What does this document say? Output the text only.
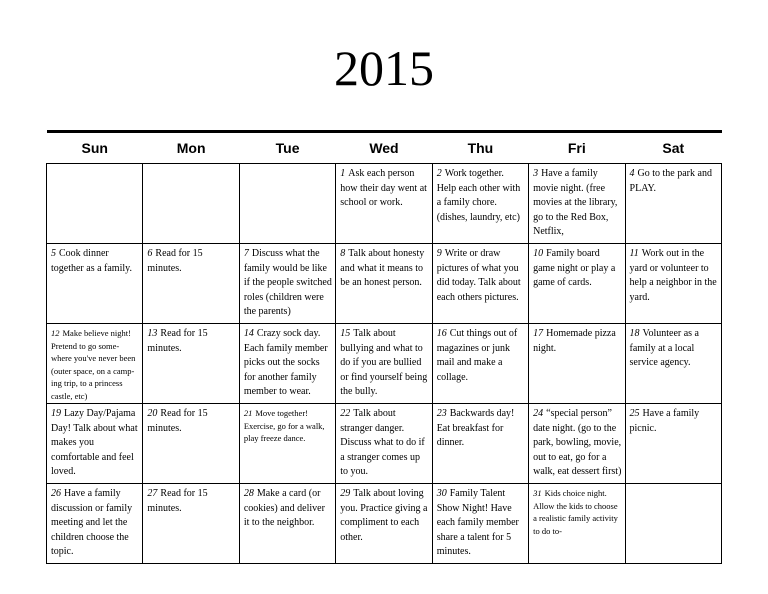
2015
Sun	Mon	Tue	Wed	Thu	Fri	Sat
			1 Ask each person how their day went at school or work.	2 Work together. Help each other with a family chore. (dishes, laundry, etc)	3 Have a family movie night. (free movies at the library, go to the Red Box, Netflix,	4 Go to the park and PLAY.
5 Cook dinner together as a family.	6 Read for 15 minutes.	7 Discuss what the family would be like if the people switched roles (children were the parents)	8 Talk about honesty and what it means to be an honest person.	9 Write or draw pictures of what you did today. Talk about each others pictures.	10 Family board game night or play a game of cards.	11 Work out in the yard or volunteer to help a neighbor in the yard.
12 Make believe night! Pretend to go some-where you've never been (outer space, on a camp-ing trip, to a princess castle, etc)	13 Read for 15 minutes.	14 Crazy sock day. Each family member picks out the socks for another family member to wear.	15 Talk about bullying and what to do if you are bullied or find yourself being the bully.	16 Cut things out of magazines or junk mail and make a collage.	17 Homemade pizza night.	18 Volunteer as a family at a local service agency.
19 Lazy Day/Pajama Day! Talk about what makes you comfortable and feel loved.	20 Read for 15 minutes.	21 Move together! Exercise, go for a walk, play freeze dance.	22 Talk about stranger danger. Discuss what to do if a stranger comes up to you.	23 Backwards day! Eat breakfast for dinner.	24 “special person” date night. (go to the park, bowling, movie, out to eat, go for a walk, eat dessert first)	25 Have a family picnic.
26 Have a family discussion or family meeting and let the children choose the topic.	27 Read for 15 minutes.	28 Make a card (or cookies) and deliver it to the neighbor.	29 Talk about loving you. Practice giving a compliment to each other.	30 Family Talent Show Night! Have each family member share a talent for 5 minutes.	31 Kids choice night. Allow the kids to choose a realistic family activity to do to-	
